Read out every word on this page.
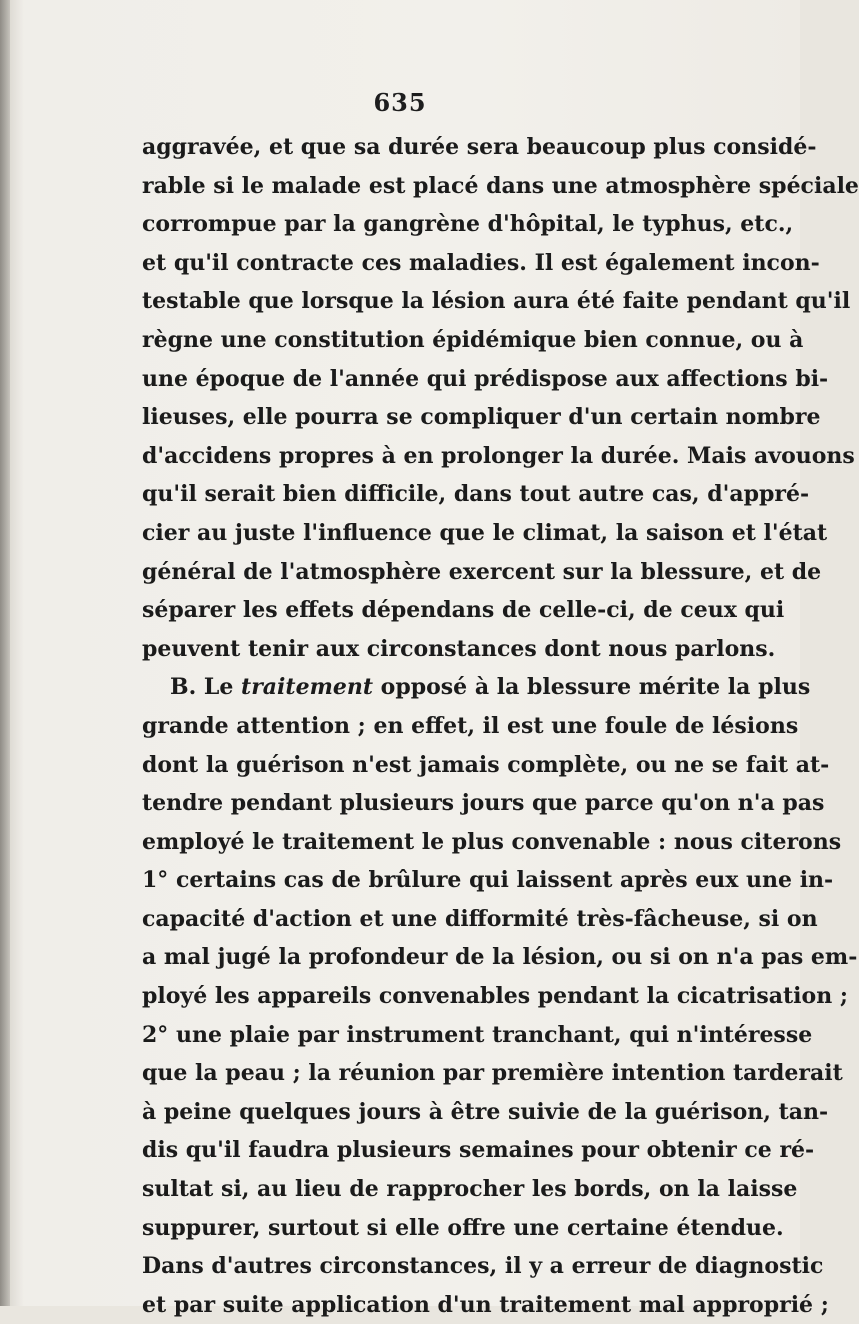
635
aggravée, et que sa durée sera beaucoup plus considé-
rable si le malade est placé dans une atmosphère spéciale
corrompue par la gangrène d'hôpital, le typhus, etc.,
et qu'il contracte ces maladies. Il est également incon-
testable que lorsque la lésion aura été faite pendant qu'il
règne une constitution épidémique bien connue, ou à
une époque de l'année qui prédispose aux affections bi-
lieuses, elle pourra se compliquer d'un certain nombre
d'accidens propres à en prolonger la durée. Mais avouons
qu'il serait bien difficile, dans tout autre cas, d'appré-
cier au juste l'influence que le climat, la saison et l'état
général de l'atmosphère exercent sur la blessure, et de
séparer les effets dépendans de celle-ci, de ceux qui
peuvent tenir aux circonstances dont nous parlons.
B. Le traitement opposé à la blessure mérite la plus
grande attention ; en effet, il est une foule de lésions
dont la guérison n'est jamais complète, ou ne se fait at-
tendre pendant plusieurs jours que parce qu'on n'a pas
employé le traitement le plus convenable : nous citerons
1° certains cas de brûlure qui laissent après eux une in-
capacité d'action et une difformité très-fâcheuse, si on
a mal jugé la profondeur de la lésion, ou si on n'a pas em-
ployé les appareils convenables pendant la cicatrisation ;
2° une plaie par instrument tranchant, qui n'intéresse
que la peau ; la réunion par première intention tarderait
à peine quelques jours à être suivie de la guérison, tan-
dis qu'il faudra plusieurs semaines pour obtenir ce ré-
sultat si, au lieu de rapprocher les bords, on la laisse
suppurer, surtout si elle offre une certaine étendue.
Dans d'autres circonstances, il y a erreur de diagnostic
et par suite application d'un traitement mal approprié ;
